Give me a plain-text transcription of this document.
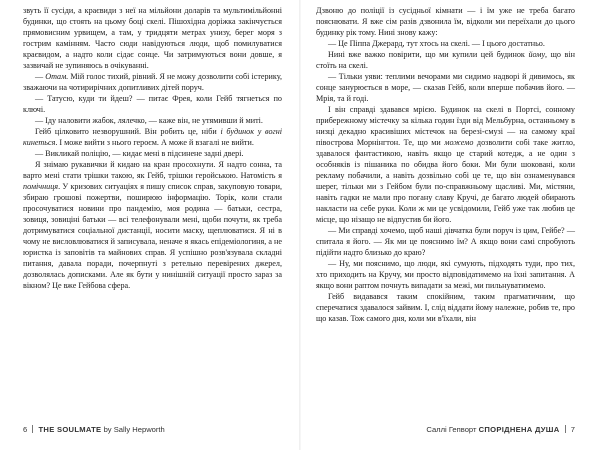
звуть її сусіди, а краєвиди з неї на мільйони доларів та мультимільйонні будинки, що стоять на цьому боці скелі. Пішохідна доріжка закінчується прямовисним урвищем, а там, у тридцяти метрах унизу, берег моря з гострим камінням. Часто сюди навідуються люди, щоб помилуватися краєвидом, а надто коли сідає сонце. Чи затримуються вони довше, я зазвичай не зупиняюсь в очікуванні.

— Отам. Мій голос тихий, рівний. Я не можу дозволити собі істерику, зважаючи на чотирирічних допитливих дітей поруч.

— Татусю, куди ти йдеш? — питає Фрея, коли Гейб тягнеться по ключі.

— Іду наловити жабок, лялечко, — каже він, не утямивши й миті.

Гейб цілковито незворушний. Він робить це, ніби і будинок у вогні кинеться. І може вийти з нього героєм. А може й взагалі не вийти.

— Викликай поліцію, — кидає мені в підсинене задні двері.

Я знімаю рукавички й кидаю на кран просохнути. Я надто сонна, та варто мені стати трішки такою, як Гейб, трішки геройською. Натомість я помічниця. У кризових ситуаціях я пишу список справ, закуповую товари, збираю грошові пожертви, поширюю інформацію. Торік, коли стали просочуватися новини про пандемію, моя родина — батьки, сестра, зовиця, зовиціні батьки — всі телефонували мені, щоби почути, як треба дотримуватися соціальної дистанції, носити маску, щеплюватися. Я ні в чому не висловлюватися й записувала, неначе я якась епідеміологиня, а не юристка із заповітів та майнових справ. Я успішно розв'язувала складні питання, давала поради, почерпнуті з ретельно перевірених джерел, дозволялась дописками. Але як бути у нинішній ситуації просто зараз за вікном? Це вже Гейбова сфера.

Дзвоню до поліції із сусідньої кімнати — і їм уже не треба багато пояснювати. Я вже сім разів дзвонила їм, відколи ми переїхали до цього будинку рік тому. Нині знову кажу:

— Це Піппа Джерард, тут хтось на скелі. — І цього достатньо.

Нині вже важко повірити, що ми купили цей будинок йому, що він стоїть на скелі.

— Тільки уяви: теплими вечорами ми сидимо надворі й дивимось, як сонце занурюється в море, — сказав Гейб, коли вперше побачив його. — Мрія, та й годі.

І він справді здавався мрією. Будинок на скелі в Портсі, сонному прибережному містечку за кілька годин їзди від Мельбурна, останньому в низці декадно красивіших містечок на березі-смузі — на самому краї півострова Морнінгтон. Те, що ми можемо дозволити собі таке житло, здавалося фантастикою, навіть якщо це старий котедж, а не один з особняків із пішаника по обидва його боки. Ми були шоковані, коли рекламу побачили, а навіть дозвільно собі це те, що він ознаменувався шерег, тільки ми з Гейбом були по-справжньому щасливі. Ми, містяни, навіть гадки не мали про погану славу Кручі, де багато людей обирають наклаcти на себе руки. Коли ж ми це усвідомили, Гейб уже так любив це місце, що нізащо не відпустив би його.

— Ми справді хочемо, щоб наші дівчатка були поруч із цим, Гейбе? — спитала я його. — Як ми це пояснимо їм? А якщо вони самі спробують підійти надто близько до краю?

— Ну, ми пояснимо, що люди, які сумують, підходять туди, про тих, хто приходить на Кручу, ми просто відповідатимемо на їхні запитання. А якщо вони раптом почнуть випадати за межі, ми пильнуватимемо.

Гейб видавався таким спокійним, таким прагматичним, що сперечатися здавалося зайвим. І, слід віддати йому належне, робив те, про що казав. Тож самого дня, коли ми в'їхали, він

6 THE SOULMATE by Sally Hepworth	Саллі Гепворт СПОРІДНЕНА ДУША 7
